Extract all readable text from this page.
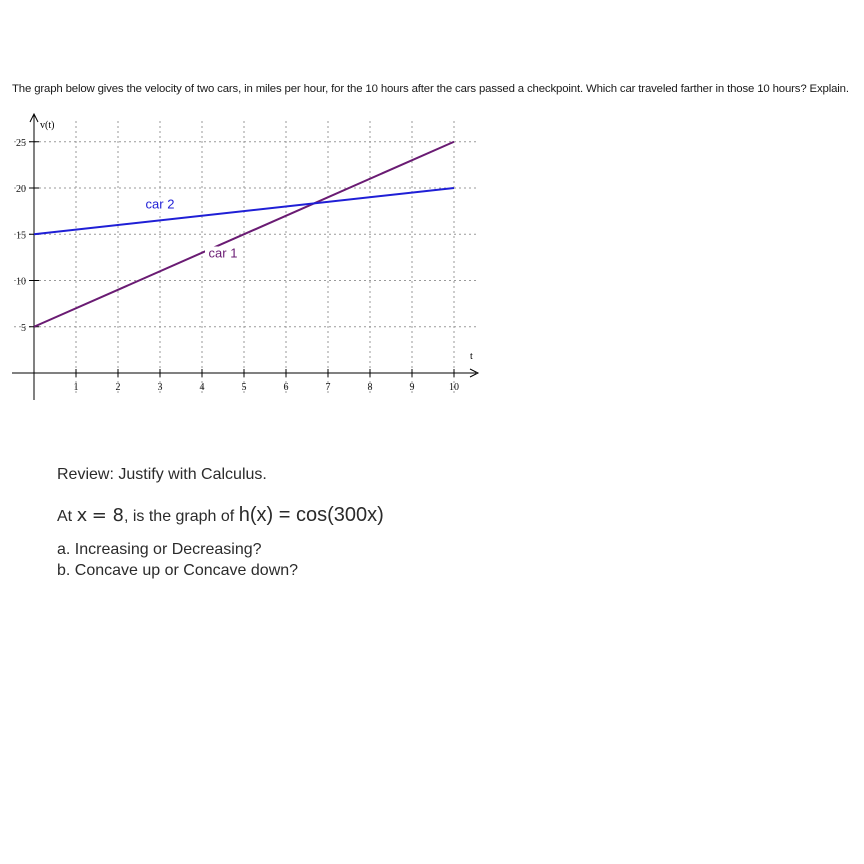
The graph below gives the velocity of two cars, in miles per hour, for the 10 hours after the cars passed a checkpoint. Which car traveled farther in those 10 hours? Explain.
1	2	3	4	5	6	7	8	9	10
5
10
15
20
25
car 1
car 2
t
v(t)
Review: Justify with Calculus.
At x = 8, is the graph of h(x) = cos(300x)
a. Increasing or Decreasing?
b. Concave up or Concave down?
